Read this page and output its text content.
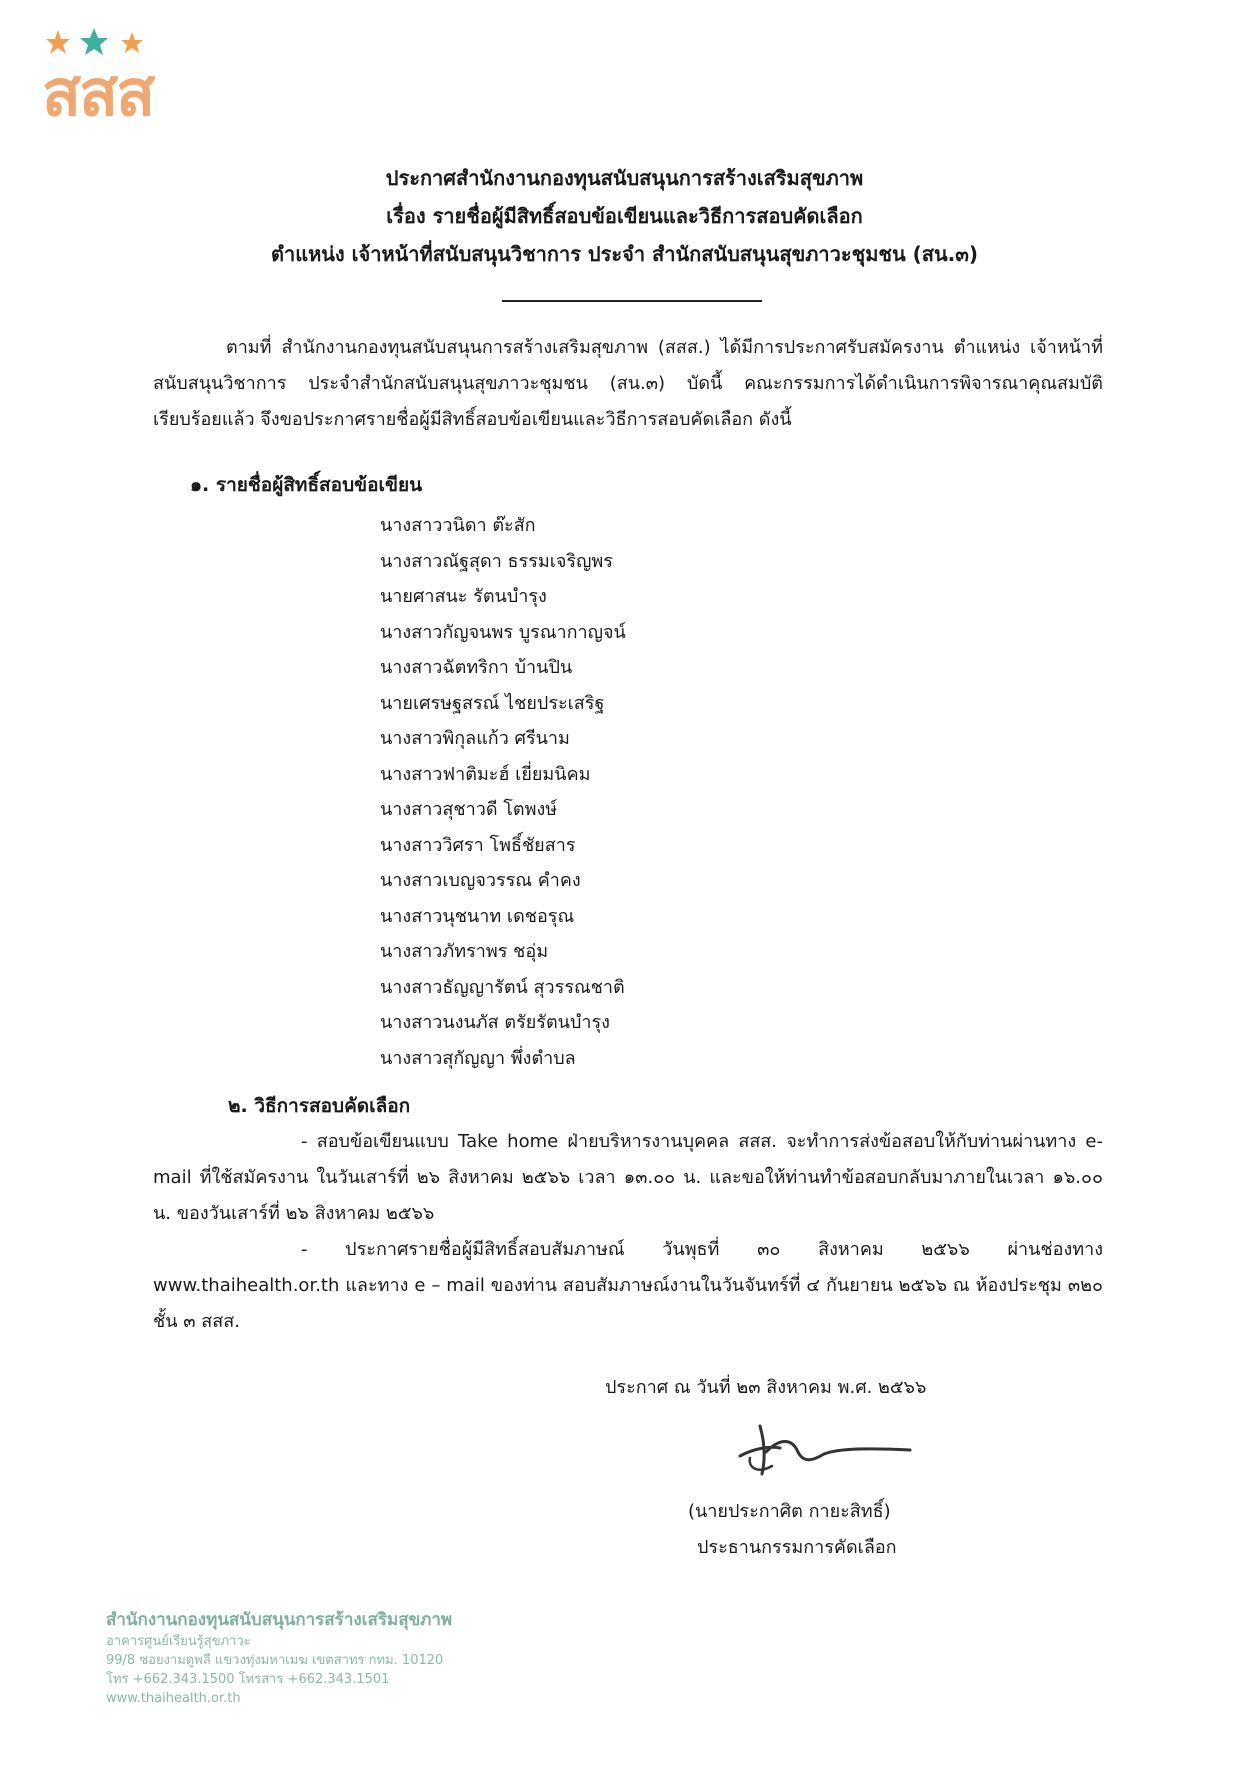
สสส
ประกาศสำนักงานกองทุนสนับสนุนการสร้างเสริมสุขภาพ
เรื่อง รายชื่อผู้มีสิทธิ์สอบข้อเขียนและวิธีการสอบคัดเลือก
ตำแหน่ง เจ้าหน้าที่สนับสนุนวิชาการ ประจำ สำนักสนับสนุนสุขภาวะชุมชน (สน.๓)
ตามที่ สำนักงานกองทุนสนับสนุนการสร้างเสริมสุขภาพ (สสส.) ได้มีการประกาศรับสมัครงาน ตำแหน่ง เจ้าหน้าที่สนับสนุนวิชาการ ประจำสำนักสนับสนุนสุขภาวะชุมชน (สน.๓) บัดนี้ คณะกรรมการได้ดำเนินการพิจารณาคุณสมบัติเรียบร้อยแล้ว จึงขอประกาศรายชื่อผู้มีสิทธิ์สอบข้อเขียนและวิธีการสอบคัดเลือก ดังนี้
๑. รายชื่อผู้สิทธิ์สอบข้อเขียน
นางสาววนิดา ต๊ะสัก
นางสาวณัฐสุดา ธรรมเจริญพร
นายศาสนะ รัตนบำรุง
นางสาวกัญจนพร บูรณากาญจน์
นางสาวฉัตทริกา บ้านปิน
นายเศรษฐสรณ์ ไชยประเสริฐ
นางสาวพิกุลแก้ว ศรีนาม
นางสาวฟาติมะฮ์ เยี่ยมนิคม
นางสาวสุชาวดี โตพงษ์
นางสาววิศรา โพธิ์ชัยสาร
นางสาวเบญจวรรณ คำคง
นางสาวนุชนาท เดชอรุณ
นางสาวภัทราพร ชอุ่ม
นางสาวธัญญารัตน์ สุวรรณชาติ
นางสาวนงนภัส ตรัยรัตนบำรุง
นางสาวสุกัญญา พึ่งตำบล
๒. วิธีการสอบคัดเลือก
- สอบข้อเขียนแบบ Take home ฝ่ายบริหารงานบุคคล สสส. จะทำการส่งข้อสอบให้กับท่านผ่านทาง e-mail ที่ใช้สมัครงาน ในวันเสาร์ที่ ๒๖ สิงหาคม ๒๕๖๖ เวลา ๑๓.๐๐ น. และขอให้ท่านทำข้อสอบกลับมาภายในเวลา ๑๖.๐๐ น. ของวันเสาร์ที่ ๒๖ สิงหาคม ๒๕๖๖
- ประกาศรายชื่อผู้มีสิทธิ์สอบสัมภาษณ์ วันพุธที่ ๓๐ สิงหาคม ๒๕๖๖ ผ่านช่องทาง www.thaihealth.or.th และทาง e – mail ของท่าน สอบสัมภาษณ์งานในวันจันทร์ที่ ๔ กันยายน ๒๕๖๖ ณ ห้องประชุม ๓๒๐ ชั้น ๓ สสส.
ประกาศ ณ วันที่ ๒๓ สิงหาคม พ.ศ. ๒๕๖๖
(นายประกาศิต กายะสิทธิ์)
ประธานกรรมการคัดเลือก
สำนักงานกองทุนสนับสนุนการสร้างเสริมสุขภาพ
อาคารศูนย์เรียนรู้สุขภาวะ
99/8 ซอยงามดูพลี แขวงทุ่งมหาเมฆ เขตสาทร กทม. 10120
โทร +662.343.1500 โทรสาร +662.343.1501
www.thaihealth.or.th
